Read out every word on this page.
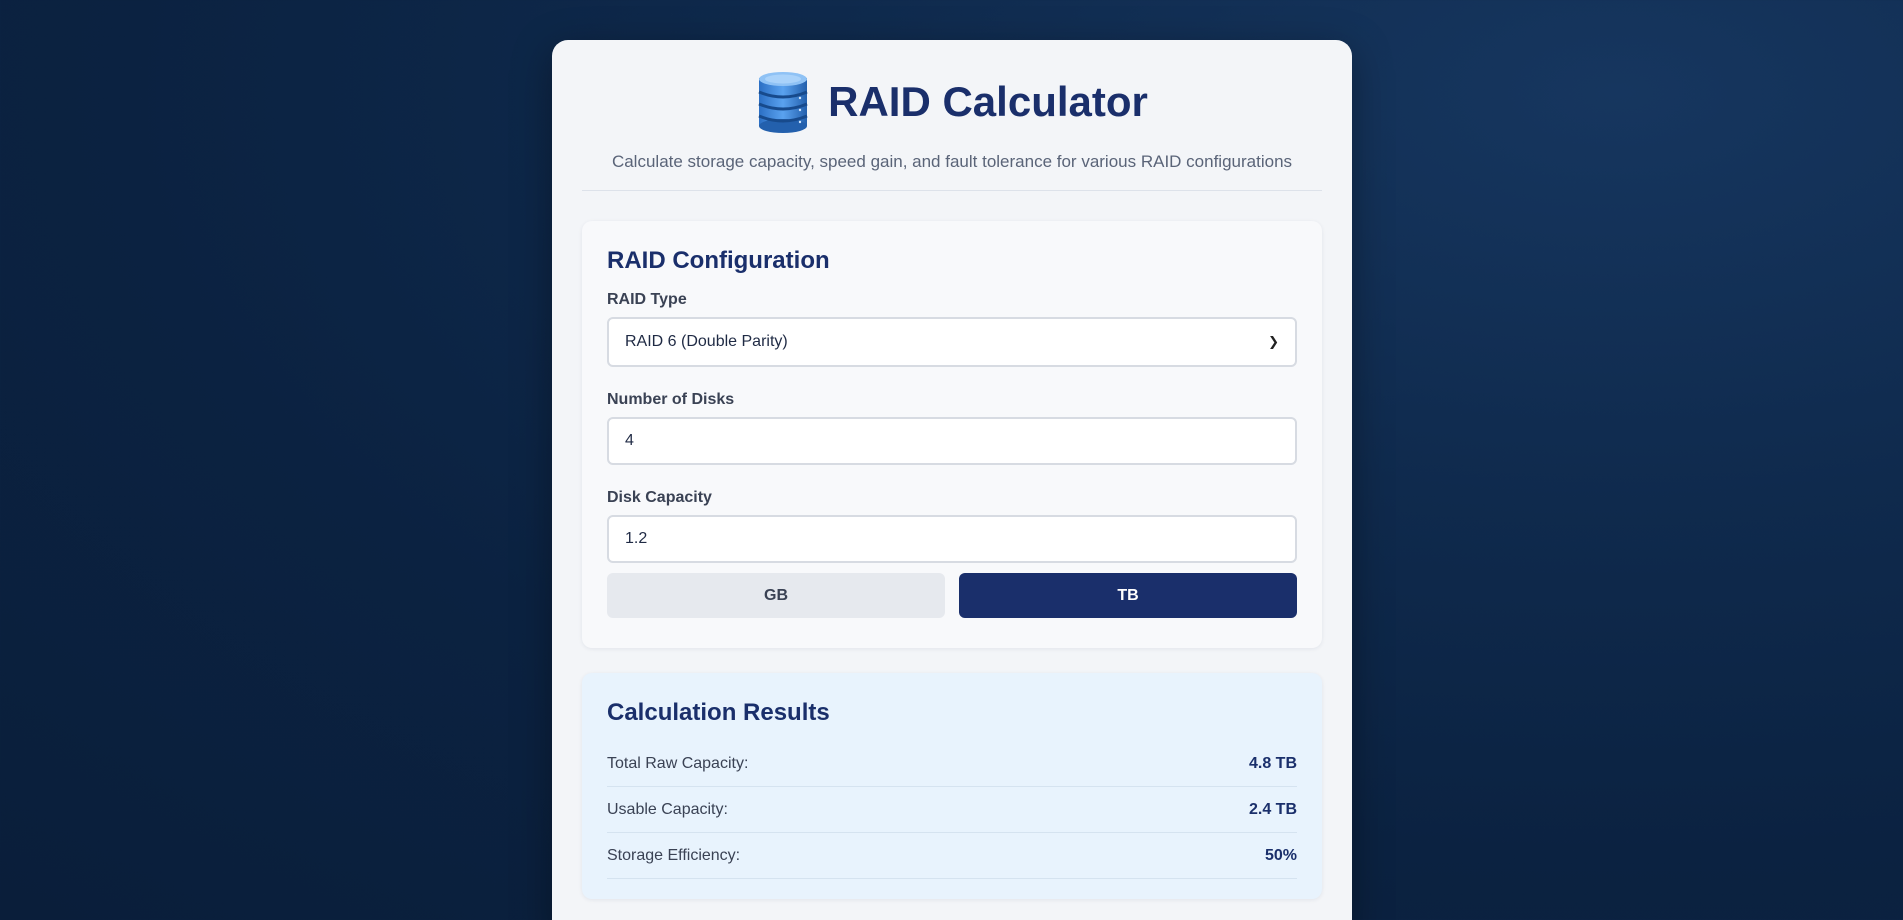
RAID Calculator
Calculate storage capacity, speed gain, and fault tolerance for various RAID configurations
RAID Configuration
RAID Type
RAID 6 (Double Parity)	❯
Number of Disks
4
Disk Capacity
1.2
GB	TB
Calculation Results
Total Raw Capacity:	4.8 TB
Usable Capacity:	2.4 TB
Storage Efficiency:	50%
